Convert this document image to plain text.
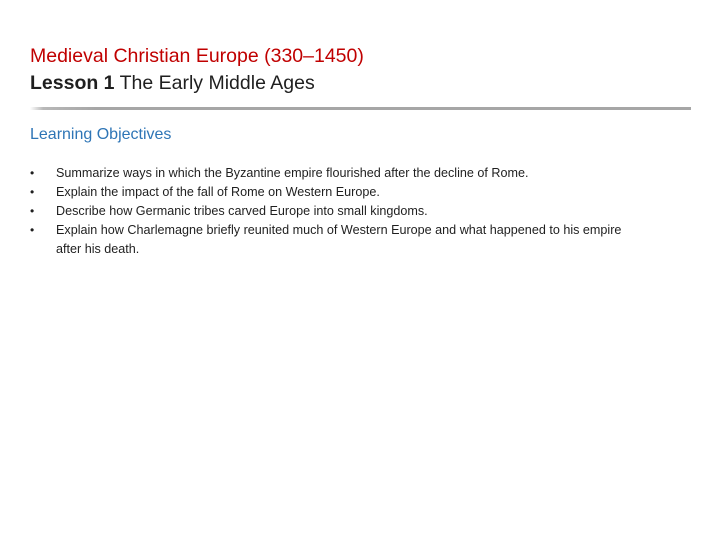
Medieval Christian Europe (330–1450)
Lesson 1 The Early Middle Ages
Learning Objectives
•	Summarize ways in which the Byzantine empire flourished after the decline of Rome.
•	Explain the impact of the fall of Rome on Western Europe.
•	Describe how Germanic tribes carved Europe into small kingdoms.
•	Explain how Charlemagne briefly reunited much of Western Europe and what happened to his empire after his death.
